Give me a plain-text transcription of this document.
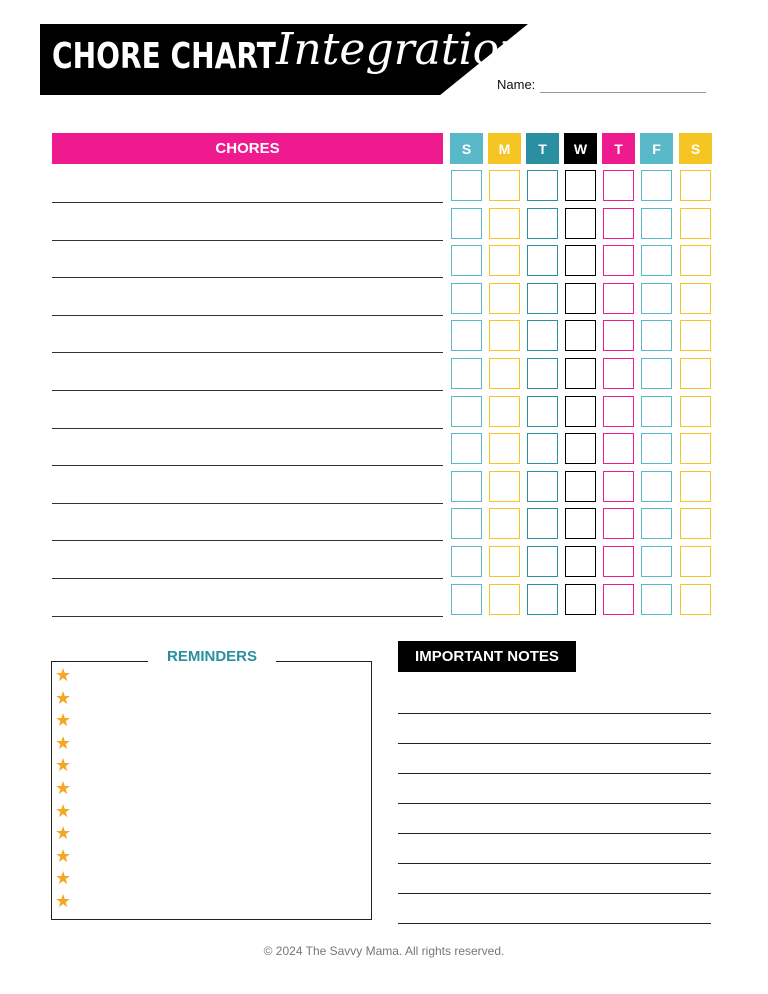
CHORE CHART Integration
Name:
CHORES	S	M	T	W	T	F	S
REMINDERS
★
★
★
★
★
★
★
★
★
★
★
IMPORTANT NOTES
© 2024 The Savvy Mama. All rights reserved.
